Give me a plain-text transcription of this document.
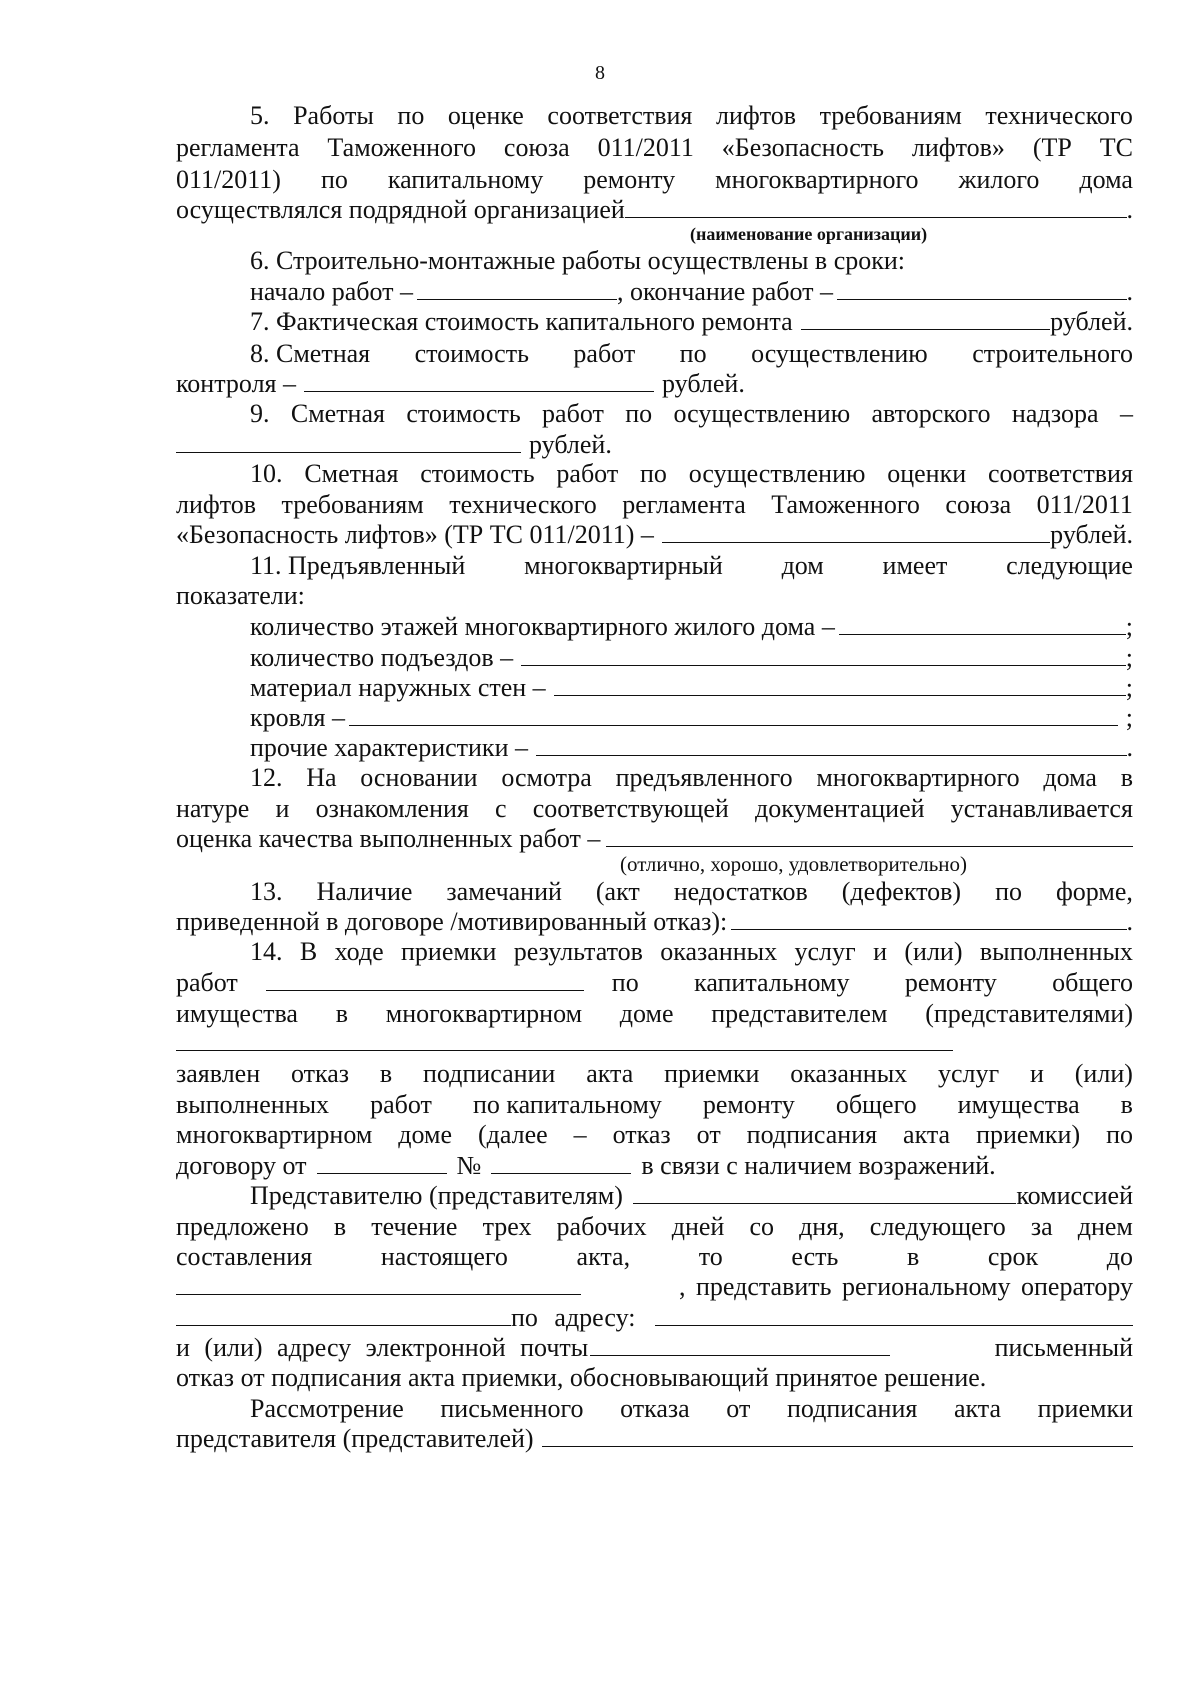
8
5. Работы по оценке соответствия лифтов требованиям технического
регламента Таможенного союза 011/2011 «Безопасность лифтов» (ТР ТС
011/2011) по капитальному ремонту многоквартирного жилого дома
осуществлялся подрядной организацией	.
(наименование организации)
6. Строительно-монтажные работы осуществлены в сроки:
начало работ –	, окончание работ –	.
7. Фактическая стоимость капитального ремонта	рублей.
8. Сметная стоимость работ по осуществлению строительного
контроля –	рублей.
9. Сметная стоимость работ по осуществлению авторского надзора –
рублей.
10. Сметная стоимость работ по осуществлению оценки соответствия
лифтов требованиям технического регламента Таможенного союза 011/2011
«Безопасность лифтов» (ТР ТС 011/2011) –	рублей.
11. Предъявленный многоквартирный дом имеет следующие
показатели:
количество этажей многоквартирного жилого дома –	;
количество подъездов –	;
материал наружных стен –	;
кровля –	;
прочие характеристики –	.
12. На основании осмотра предъявленного многоквартирного дома в
натуре и ознакомления с соответствующей документацией устанавливается
оценка качества выполненных работ –
(отлично, хорошо, удовлетворительно)
13. Наличие замечаний (акт недостатков (дефектов) по форме,
приведенной в договоре /мотивированный отказ):	.
14. В ходе приемки результатов оказанных услуг и (или) выполненных
работ	по капитальному ремонту общего
имущества в многоквартирном доме представителем (представителями)
заявлен отказ в подписании акта приемки оказанных услуг и (или)
выполненных работ по капитальному ремонту общего имущества в
многоквартирном доме (далее – отказ от подписания акта приемки) по
договору от	№	в связи с наличием возражений.
Представителю (представителям)	комиссией
предложено в течение трех рабочих дней со дня, следующего за днем
составления	настоящего	акта,	то	есть	в	срок	до
, представить региональному оператору
по адресу:
и (или) адресу электронной почты	письменный
отказ от подписания акта приемки, обосновывающий принятое решение.
Рассмотрение письменного отказа от подписания акта приемки
представителя (представителей)
